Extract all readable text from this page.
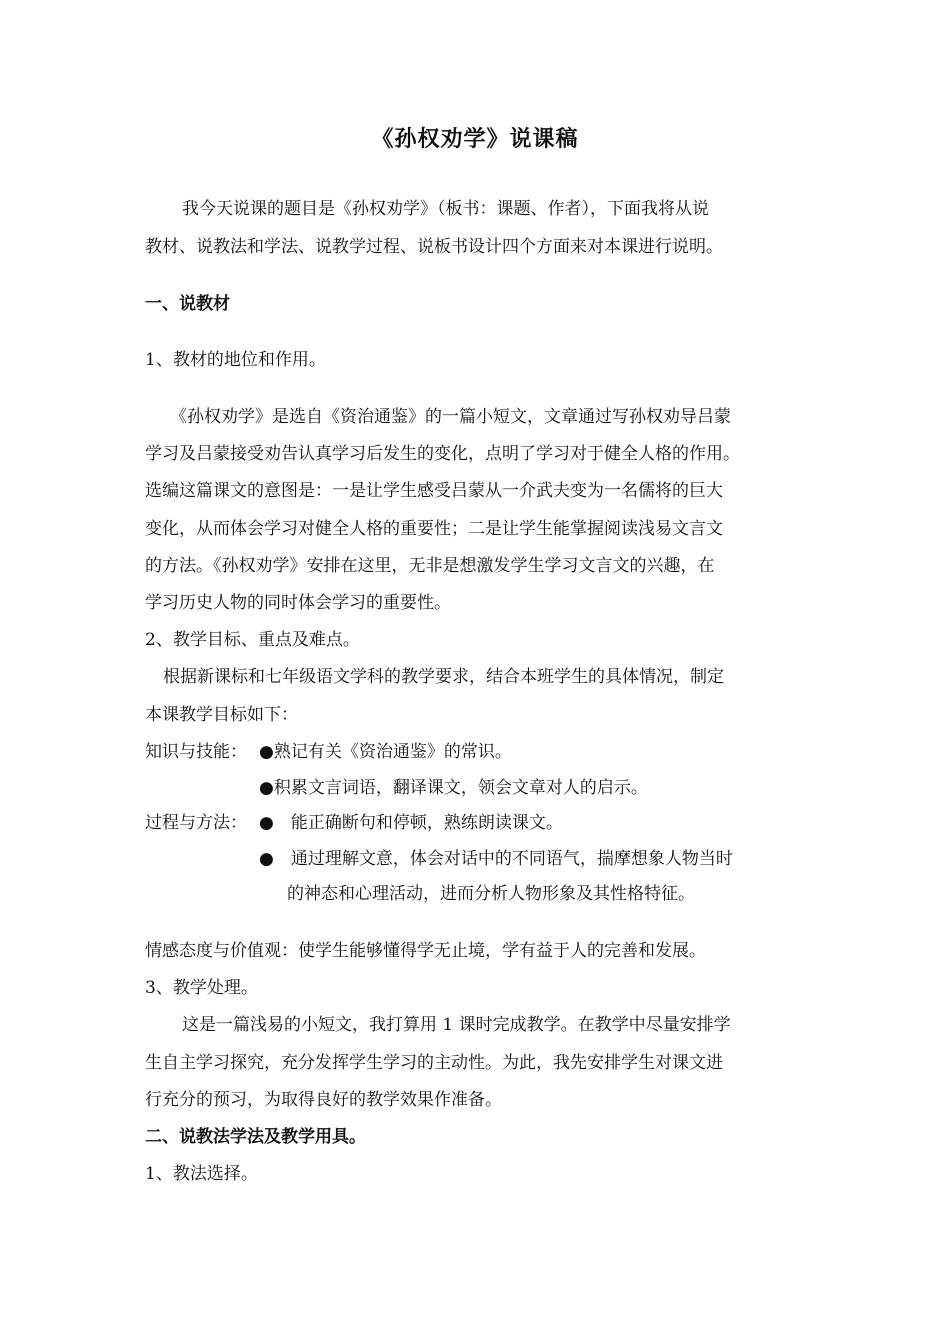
《孙权劝学》说课稿
我今天说课的题目是《孙权劝学》（板书：课题、作者），下面我将从说
教材、说教法和学法、说教学过程、说板书设计四个方面来对本课进行说明。
一、说教材
1、教材的地位和作用。
《孙权劝学》是选自《资治通鉴》的一篇小短文，文章通过写孙权劝导吕蒙
学习及吕蒙接受劝告认真学习后发生的变化，点明了学习对于健全人格的作用。
选编这篇课文的意图是：一是让学生感受吕蒙从一介武夫变为一名儒将的巨大
变化，从而体会学习对健全人格的重要性；二是让学生能掌握阅读浅易文言文
的方法。《孙权劝学》安排在这里，无非是想激发学生学习文言文的兴趣，在
学习历史人物的同时体会学习的重要性。
2、教学目标、重点及难点。
根据新课标和七年级语文学科的教学要求，结合本班学生的具体情况，制定
本课教学目标如下：
知识与技能： ●熟记有关《资治通鉴》的常识。
●积累文言词语，翻译课文，领会文章对人的启示。
过程与方法： ●　能正确断句和停顿，熟练朗读课文。
●　通过理解文意，体会对话中的不同语气，揣摩想象人物当时
的神态和心理活动，进而分析人物形象及其性格特征。
情感态度与价值观：使学生能够懂得学无止境，学有益于人的完善和发展。
3、教学处理。
这是一篇浅易的小短文，我打算用 1 课时完成教学。在教学中尽量安排学
生自主学习探究，充分发挥学生学习的主动性。为此，我先安排学生对课文进
行充分的预习，为取得良好的教学效果作准备。
二、说教法学法及教学用具。
1、教法选择。
